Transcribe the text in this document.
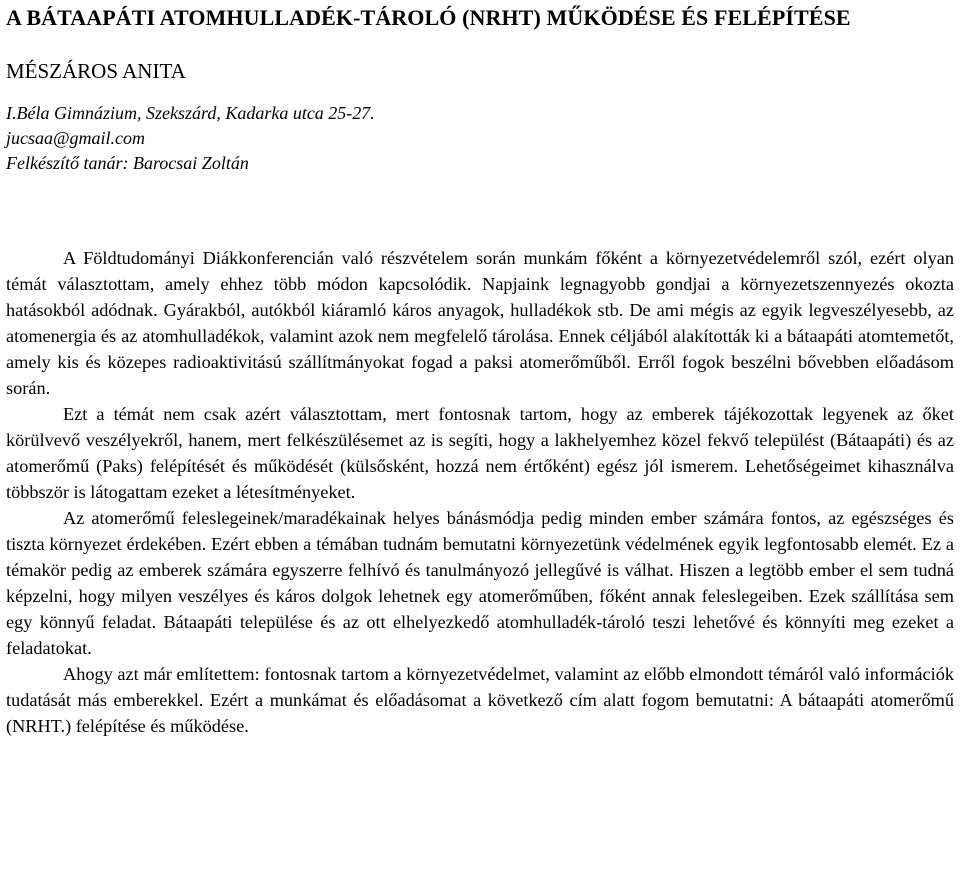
A BÁTAAPÁTI ATOMHULLADÉK-TÁROLÓ (NRHT) MŰKÖDÉSE ÉS FELÉPÍTÉSE
MÉSZÁROS ANITA
I.Béla Gimnázium, Szekszárd, Kadarka utca 25-27.
jucsaa@gmail.com
Felkészítő tanár: Barocsai Zoltán

A Földtudományi Diákkonferencián való részvételem során munkám főként a környezetvédelemről szól, ezért olyan témát választottam, amely ehhez több módon kapcsolódik. Napjaink legnagyobb gondjai a környezetszennyezés okozta hatásokból adódnak. Gyárakból, autókból kiáramló káros anyagok, hulladékok stb. De ami mégis az egyik legveszélyesebb, az atomenergia és az atomhulladékok, valamint azok nem megfelelő tárolása. Ennek céljából alakították ki a bátaapáti atomtemetőt, amely kis és közepes radioaktivitású szállítmányokat fogad a paksi atomerőműből. Erről fogok beszélni bővebben előadásom során.

Ezt a témát nem csak azért választottam, mert fontosnak tartom, hogy az emberek tájékozottak legyenek az őket körülvevő veszélyekről, hanem, mert felkészülésemet az is segíti, hogy a lakhelyemhez közel fekvő települést (Bátaapáti) és az atomerőmű (Paks) felépítését és működését (külsősként, hozzá nem értőként) egész jól ismerem. Lehetőségeimet kihasználva többször is látogattam ezeket a létesítményeket.

Az atomerőmű feleslegeinek/maradékainak helyes bánásmódja pedig minden ember számára fontos, az egészséges és tiszta környezet érdekében. Ezért ebben a témában tudnám bemutatni környezetünk védelmének egyik legfontosabb elemét. Ez a témakör pedig az emberek számára egyszerre felhívó és tanulmányozó jellegűvé is válhat. Hiszen a legtöbb ember el sem tudná képzelni, hogy milyen veszélyes és káros dolgok lehetnek egy atomerőműben, főként annak feleslegeiben. Ezek szállítása sem egy könnyű feladat. Bátaapáti települése és az ott elhelyezkedő atomhulladék-tároló teszi lehetővé és könnyíti meg ezeket a feladatokat.

Ahogy azt már említettem: fontosnak tartom a környezetvédelmet, valamint az előbb elmondott témáról való információk tudatását más emberekkel. Ezért a munkámat és előadásomat a következő cím alatt fogom bemutatni: A bátaapáti atomerőmű (NRHT.) felépítése és működése.
